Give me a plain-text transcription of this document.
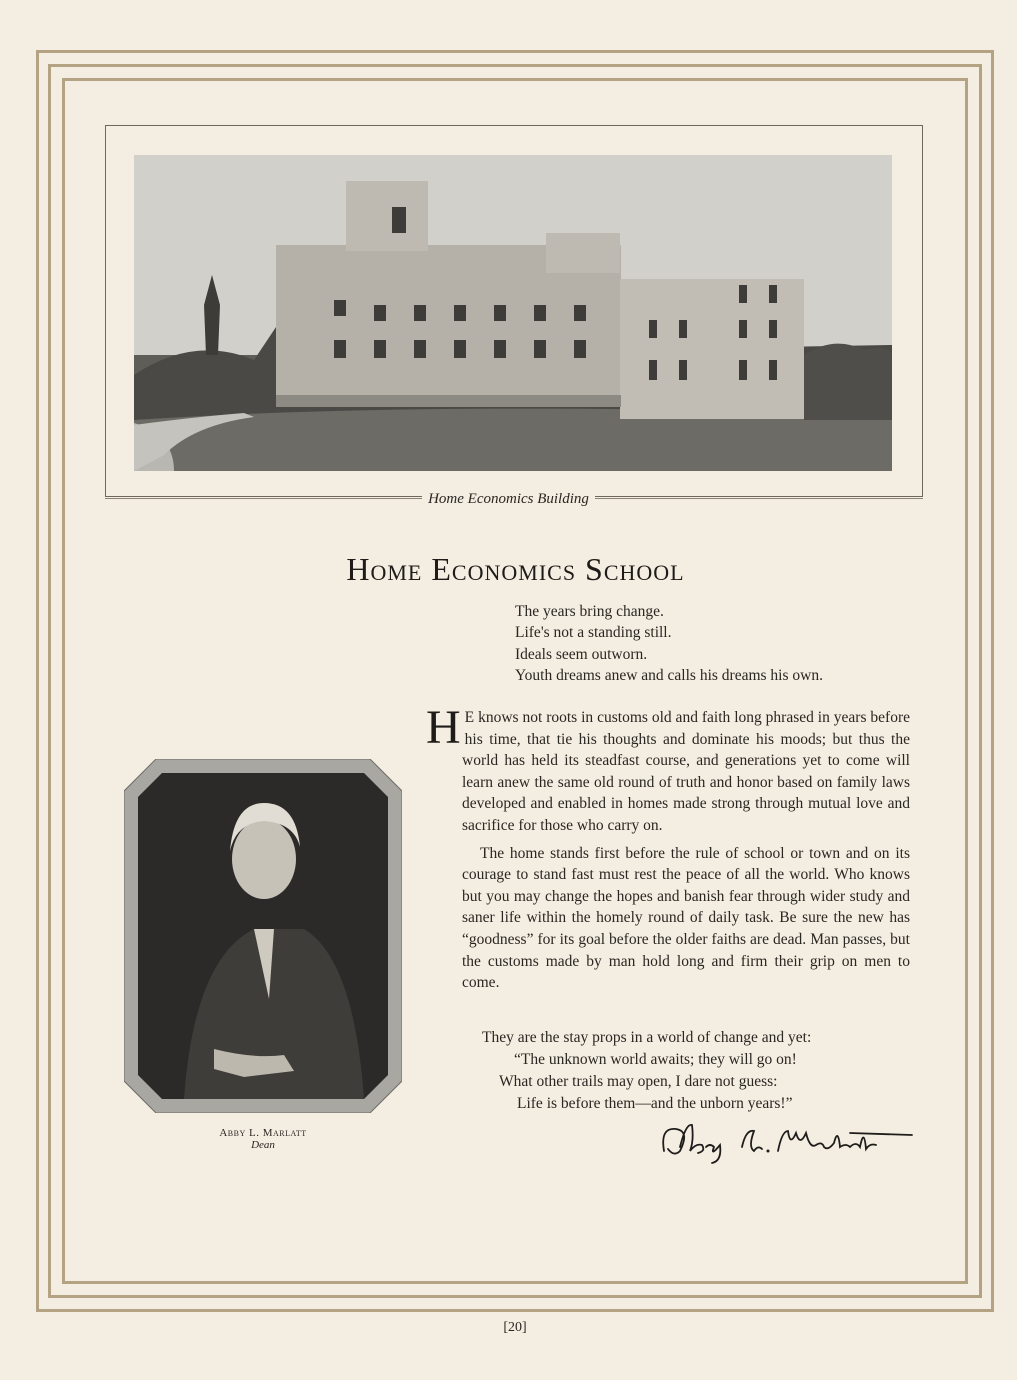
Home Economics Building
Home Economics School
The years bring change.
Life's not a standing still.
Ideals seem outworn.
Youth dreams anew and calls his dreams his own.

H E knows not roots in customs old and faith long phrased in years before his time, that tie his thoughts and dominate his moods; but thus the world has held its steadfast course, and generations yet to come will learn anew the same old round of truth and honor based on family laws developed and enabled in homes made strong through mutual love and sacrifice for those who carry on.

The home stands first before the rule of school or town and on its courage to stand fast must rest the peace of all the world. Who knows but you may change the hopes and banish fear through wider study and saner life within the homely round of daily task. Be sure the new has “goodness” for its goal before the older faiths are dead. Man passes, but the customs made by man hold long and firm their grip on men to come.

They are the stay props in a world of change and yet:
“The unknown world awaits; they will go on!
What other trails may open, I dare not guess:
Life is before them—and the unborn years!”
Abby L. Marlatt
Dean
[20]
